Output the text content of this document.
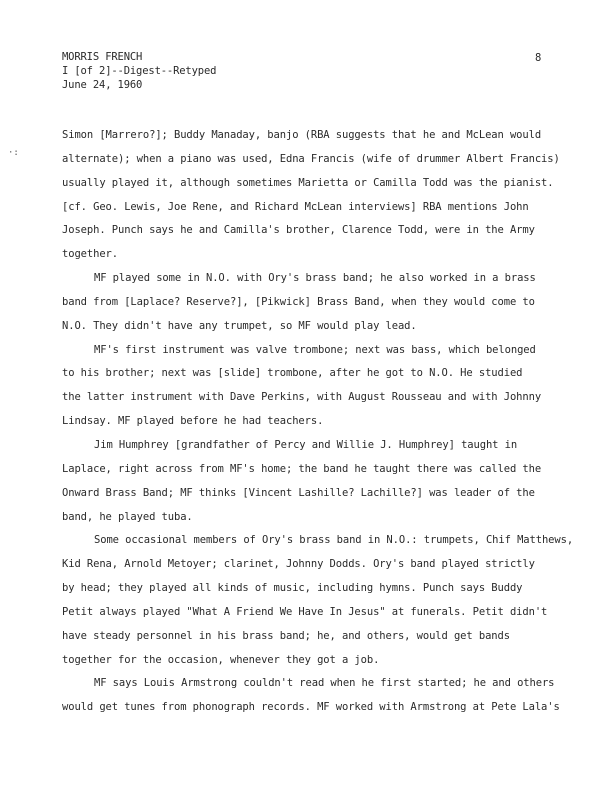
MORRIS FRENCH
I [of 2]--Digest--Retyped
June 24, 1960
8
·:
Simon [Marrero?]; Buddy Manaday, banjo (RBA suggests that he and McLean would
alternate); when a piano was used, Edna Francis (wife of drummer Albert Francis)
usually played it, although sometimes Marietta or Camilla Todd was the pianist.
[cf. Geo. Lewis, Joe Rene, and Richard McLean interviews] RBA mentions John
Joseph. Punch says he and Camilla's brother, Clarence Todd, were in the Army
together.
MF played some in N.O. with Ory's brass band; he also worked in a brass
band from [Laplace? Reserve?], [Pikwick] Brass Band, when they would come to
N.O. They didn't have any trumpet, so MF would play lead.
MF's first instrument was valve trombone; next was bass, which belonged
to his brother; next was [slide] trombone, after he got to N.O. He studied
the latter instrument with Dave Perkins, with August Rousseau and with Johnny
Lindsay. MF played before he had teachers.
Jim Humphrey [grandfather of Percy and Willie J. Humphrey] taught in
Laplace, right across from MF's home; the band he taught there was called the
Onward Brass Band; MF thinks [Vincent Lashille? Lachille?] was leader of the
band, he played tuba.
Some occasional members of Ory's brass band in N.O.: trumpets, Chif Matthews,
Kid Rena, Arnold Metoyer; clarinet, Johnny Dodds. Ory's band played strictly
by head; they played all kinds of music, including hymns. Punch says Buddy
Petit always played "What A Friend We Have In Jesus" at funerals. Petit didn't
have steady personnel in his brass band; he, and others, would get bands
together for the occasion, whenever they got a job.
MF says Louis Armstrong couldn't read when he first started; he and others
would get tunes from phonograph records. MF worked with Armstrong at Pete Lala's
